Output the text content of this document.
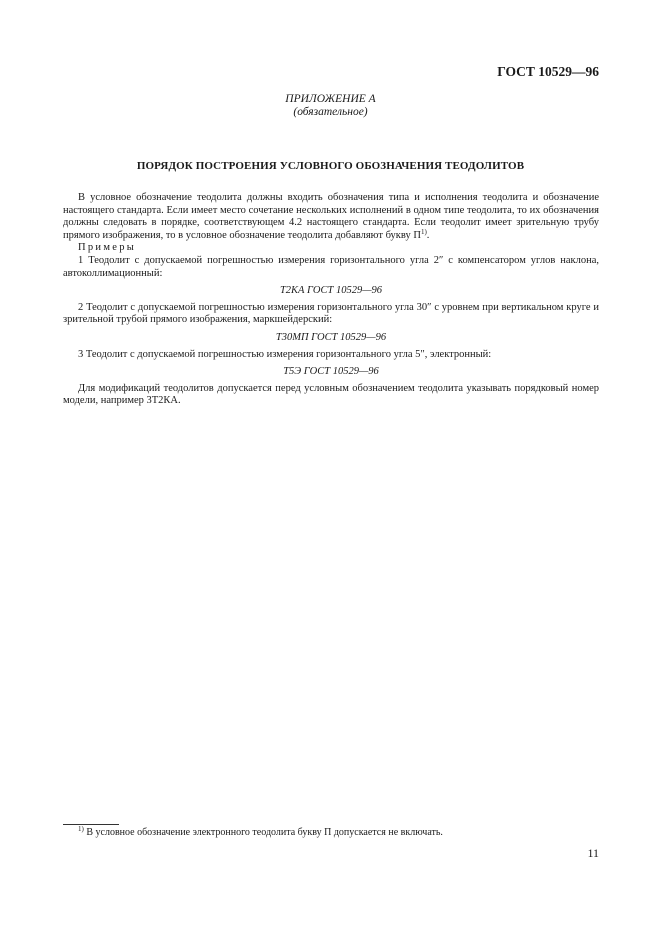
ГОСТ 10529—96
ПРИЛОЖЕНИЕ А
(обязательное)
ПОРЯДОК ПОСТРОЕНИЯ УСЛОВНОГО ОБОЗНАЧЕНИЯ ТЕОДОЛИТОВ

В условное обозначение теодолита должны входить обозначения типа и исполнения теодолита и обозначение настоящего стандарта. Если имеет место сочетание нескольких исполнений в одном типе теодолита, то их обозначения должны следовать в порядке, соответствующем 4.2 настоящего стандарта. Если теодолит имеет зрительную трубу прямого изображения, то в условное обозначение теодолита добавляют букву $П^{1)}$.

Примеры

1 Теодолит с допускаемой погрешностью измерения горизонтального угла 2″ с компенсатором углов наклона, автоколлимационный:

Т2КА ГОСТ 10529—96

2 Теодолит с допускаемой погрешностью измерения горизонтального угла 30″ с уровнем при вертикальном круге и зрительной трубой прямого изображения, маркшейдерский:

Т30МП ГОСТ 10529—96

3 Теодолит с допускаемой погрешностью измерения горизонтального угла 5″, электронный:

Т5Э ГОСТ 10529—96

Для модификаций теодолитов допускается перед условным обозначением теодолита указывать порядковый номер модели, например 3Т2КА.

$^{1)}$ В условное обозначение электронного теодолита букву П допускается не включать.
11
